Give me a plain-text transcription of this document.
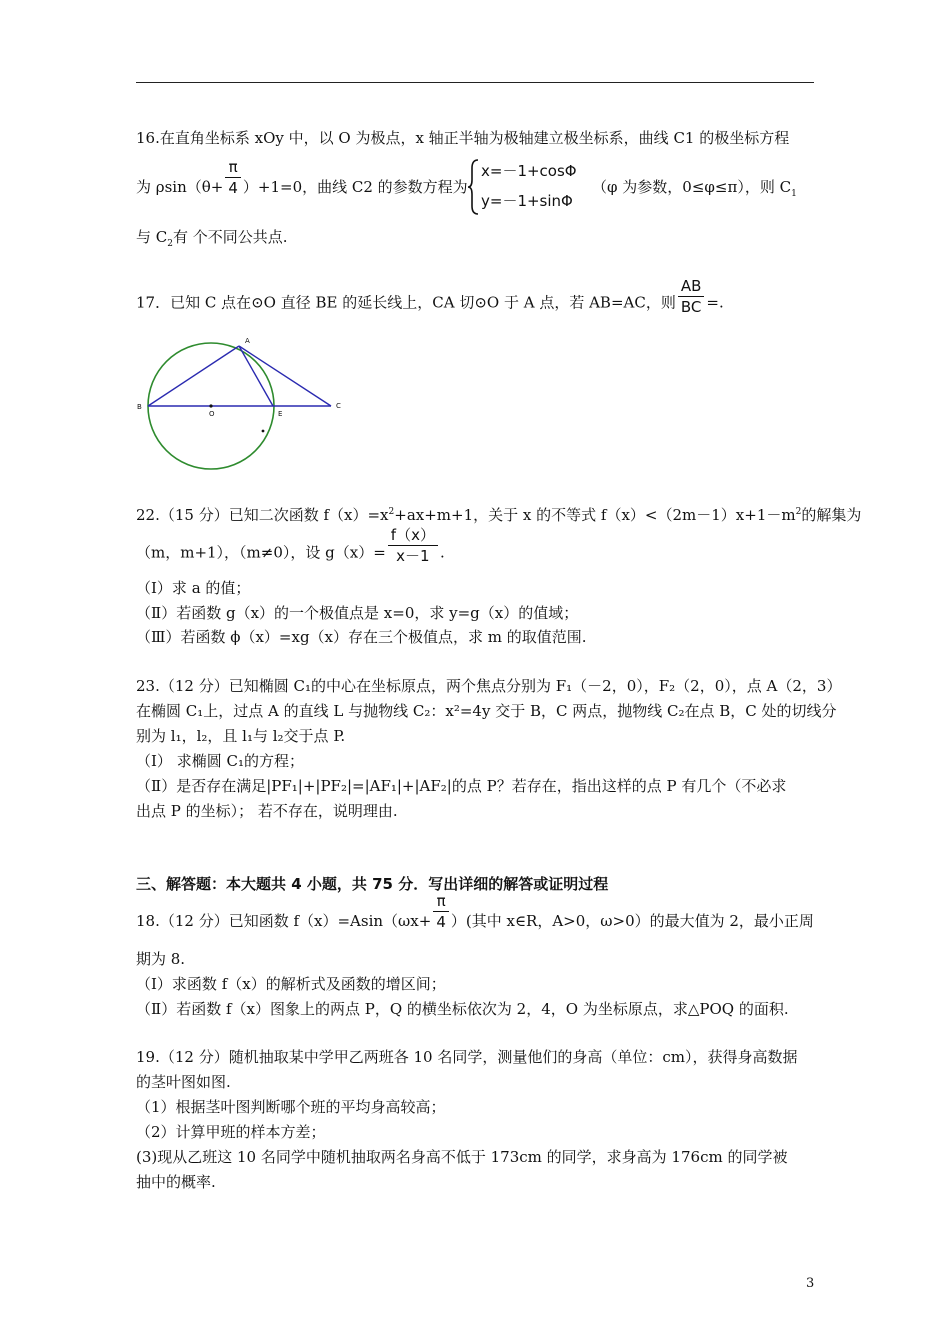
16.在直角坐标系 xOy 中，以 O 为极点，x 轴正半轴为极轴建立极坐标系，曲线 C1 的极坐标方程
为 $\rho\sin(\theta+ \frac{\pi}{4} )+1=0$，曲线 C2 的参数方程为
x=－1+cosΦ
y=－1+sinΦ
（φ 为参数，0≤φ≤π），则 $C_1$
与 $C_2$有 个不同公共点.
17．已知 C 点在⊙O 直径 BE 的延长线上，CA 切⊙O 于 A 点，若 AB=AC，则 $\frac{AB}{BC}$ =.
A
B
O	E
C
22.（15 分）已知二次函数 $f(x)=x^2+ax+m+1$，关于 x 的不等式 $f(x)<(2m-1)x+1-m^2$的解集为
（m，m+1），（m≠0），设 $g(x)= \frac{f(x)}{x-1}$ .
（Ⅰ）求 a 的值；
（Ⅱ）若函数 g（x）的一个极值点是 x=0，求 y=g（x）的值域；
（Ⅲ）若函数 ϕ（x）=xg（x）存在三个极值点，求 m 的取值范围.
23.（12 分）已知椭圆 C₁的中心在坐标原点，两个焦点分别为 F₁（－2，0），F₂（2，0），点 A（2，3）
在椭圆 C₁上，过点 A 的直线 L 与抛物线 C₂：x²=4y 交于 B，C 两点，抛物线 C₂在点 B，C 处的切线分
别为 l₁，l₂，且 l₁与 l₂交于点 P.
（Ⅰ） 求椭圆 C₁的方程；
（Ⅱ）是否存在满足|PF₁|+|PF₂|=|AF₁|+|AF₂|的点 P？若存在，指出这样的点 P 有几个（不必求
出点 P 的坐标）； 若不存在，说明理由.
三、解答题：本大题共 4 小题，共 75 分．写出详细的解答或证明过程
18.（12 分）已知函数 $f(x)=Asin(\omega x+ \frac{\pi}{4}$ ）(其中 x∈R，A>0，ω>0）的最大值为 2，最小正周
期为 8.
（Ⅰ）求函数 f（x）的解析式及函数的增区间；
（Ⅱ）若函数 f（x）图象上的两点 P，Q 的横坐标依次为 2，4，O 为坐标原点，求△POQ 的面积.
19.（12 分）随机抽取某中学甲乙两班各 10 名同学，测量他们的身高（单位：cm），获得身高数据
的茎叶图如图.
（1）根据茎叶图判断哪个班的平均身高较高；
（2）计算甲班的样本方差；
(3)现从乙班这 10 名同学中随机抽取两名身高不低于 173cm 的同学，求身高为 176cm 的同学被
抽中的概率.
3
